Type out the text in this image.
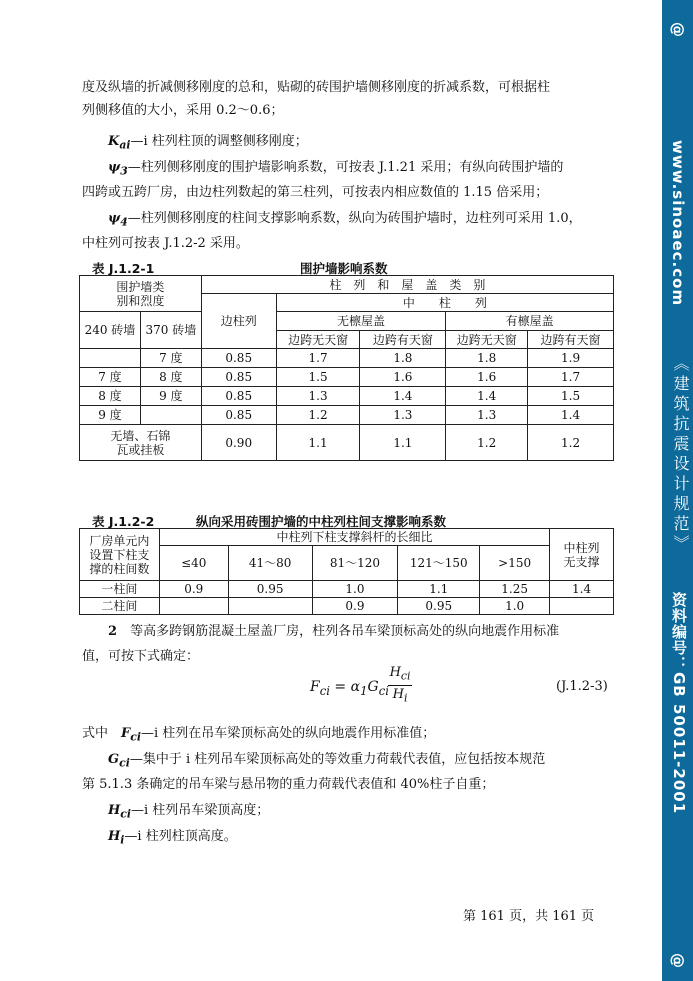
度及纵墙的折减侧移刚度的总和，贴砌的砖围护墙侧移刚度的折减系数，可根据柱
列侧移值的大小，采用 0.2～0.6；

$K_{ai}—i$ 柱列柱顶的调整侧移刚度；

$\psi_3—$柱列侧移刚度的围护墙影响系数，可按表 J.1.21 采用；有纵向砖围护墙的

四跨或五跨厂房，由边柱列数起的第三柱列，可按表内相应数值的 1.15 倍采用；

$\psi_4—$柱列侧移刚度的柱间支撑影响系数，纵向为砖围护墙时，边柱列可采用 1.0，

中柱列可按表 J.1.2-2 采用。

表 J.1.2-1	围护墙影响系数
围护墙类
别和烈度		柱　列　和　屋　盖　类　别				
		边柱列	中　　柱　　列			
240 砖墙	370 砖墙		无檩屋盖		有檩屋盖	
			边跨无天窗	边跨有天窗	边跨无天窗	边跨有天窗
	7 度	0.85	1.7	1.8	1.8	1.9
7 度	8 度	0.85	1.5	1.6	1.6	1.7
8 度	9 度	0.85	1.3	1.4	1.4	1.5
9 度		0.85	1.2	1.3	1.3	1.4
无墙、石锦
瓦或挂板		0.90	1.1	1.1	1.2	1.2
表 J.1.2-2	纵向采用砖围护墙的中柱列柱间支撑影响系数
厂房单元内
设置下柱支
撑的柱间数	中柱列下柱支撑斜杆的长细比					中柱列
无支撑
	≤40	41～80	81～120	121～150	>150	
一柱间	0.9	0.95	1.0	1.1	1.25	1.4
二柱间			0.9	0.95	1.0	

2　 等高多跨钢筋混凝土屋盖厂房，柱列各吊车梁顶标高处的纵向地震作用标准

值，可按下式确定：

$F_{ci} = \alpha_1G_{ci}$
$H_{ci}$
$H_i$
(J.1.2-3)

式中　 $F_{ci}—i$ 柱列在吊车梁顶标高处的纵向地震作用标准值；

$G_{ci}—$集中于 i 柱列吊车梁顶标高处的等效重力荷载代表值，应包括按本规范

第 5.1.3 条确定的吊车梁与悬吊物的重力荷载代表值和 40%柱子自重；

$H_{ci}—i$ 柱列吊车梁顶高度；

$H_i—i$ 柱列柱顶高度。

第 161 页，共 161 页
@
www.sinoaec.com
《建筑抗震设计规范》
资料编号：GB 50011-2001
@
